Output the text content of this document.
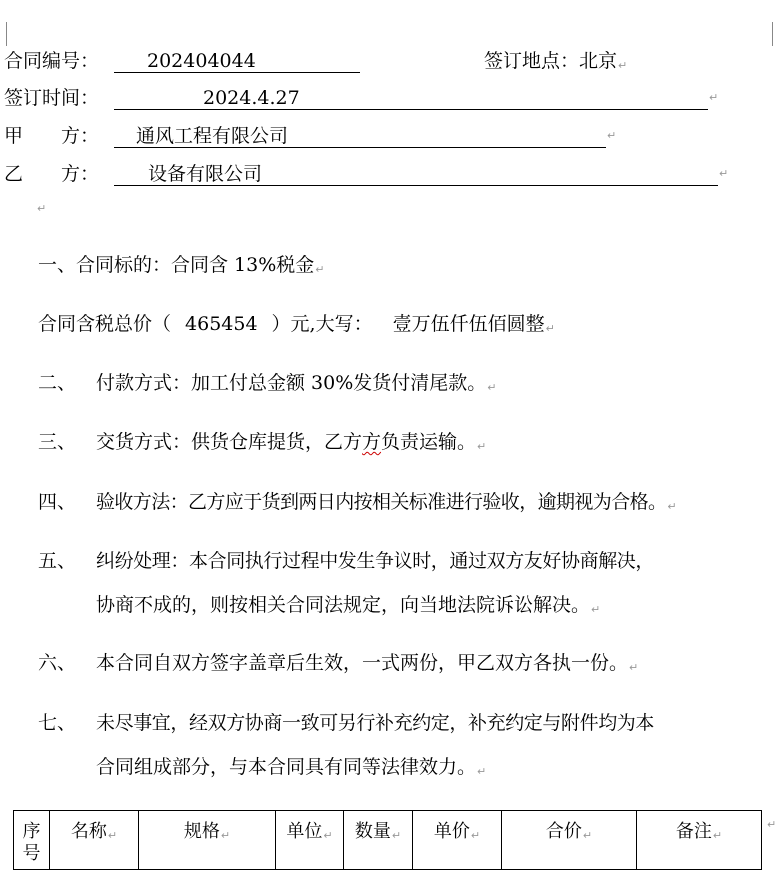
合同编号：	202404044	签订地点：北京↵
签订时间：	2024.4.27	↵
甲　　方： 通风工程有限公司	↵
乙　　方：	设备有限公司	↵
↵
一、合同标的：合同含 13%税金↵
合同含税总价（ 465454 ）元,大写： 壹万伍仟伍佰圆整↵
二、 付款方式：加工付总金额 30%发货付清尾款。↵
三、 交货方式：供货仓库提货，乙方方负责运输。↵
四、 验收方法：乙方应于货到两日内按相关标准进行验收，逾期视为合格。↵
五、 纠纷处理：本合同执行过程中发生争议时，通过双方友好协商解决，
协商不成的，则按相关合同法规定，向当地法院诉讼解决。↵
六、 本合同自双方签字盖章后生效，一式两份，甲乙双方各执一份。↵
七、 未尽事宜，经双方协商一致可另行补充约定，补充约定与附件均为本
合同组成部分，与本合同具有同等法律效力。↵
序号	名称↵	规格↵	单位↵	数量↵	单价↵	合价↵	备注↵
↵
